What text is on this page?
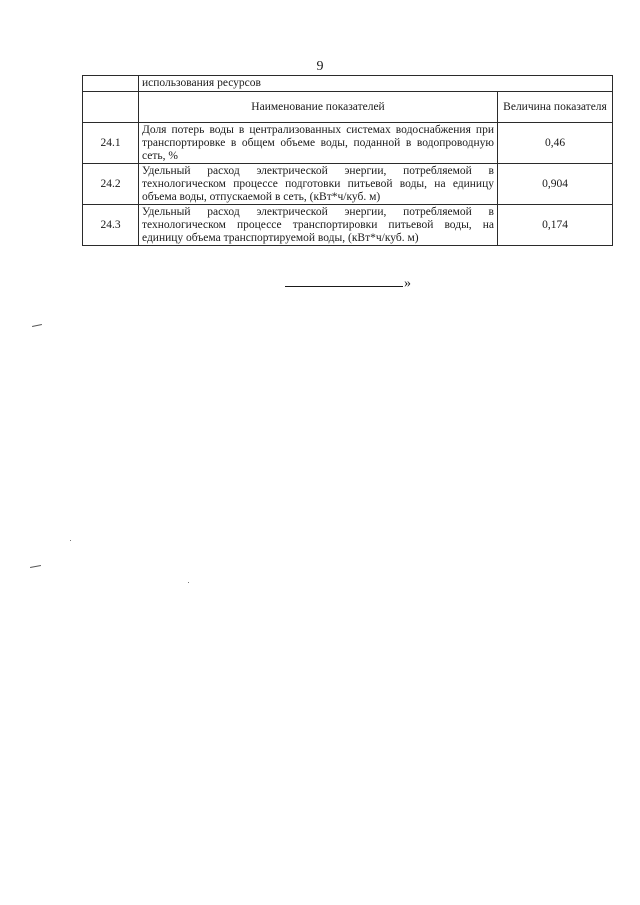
9
	использования ресурсов	
	Наименование показателей	Величина показателя
24.1	Доля потерь воды в централизованных системах водоснабжения при транспортировке в общем объеме воды, поданной в водопроводную сеть, %	0,46
24.2	Удельный расход электрической энергии, потребляемой в технологическом процессе подготовки питьевой воды, на единицу объема воды, отпускаемой в сеть, (кВт*ч/куб. м)	0,904
24.3	Удельный расход электрической энергии, потребляемой в технологическом процессе транспортировки питьевой воды, на единицу объема транспортируемой воды, (кВт*ч/куб. м)	0,174
»
